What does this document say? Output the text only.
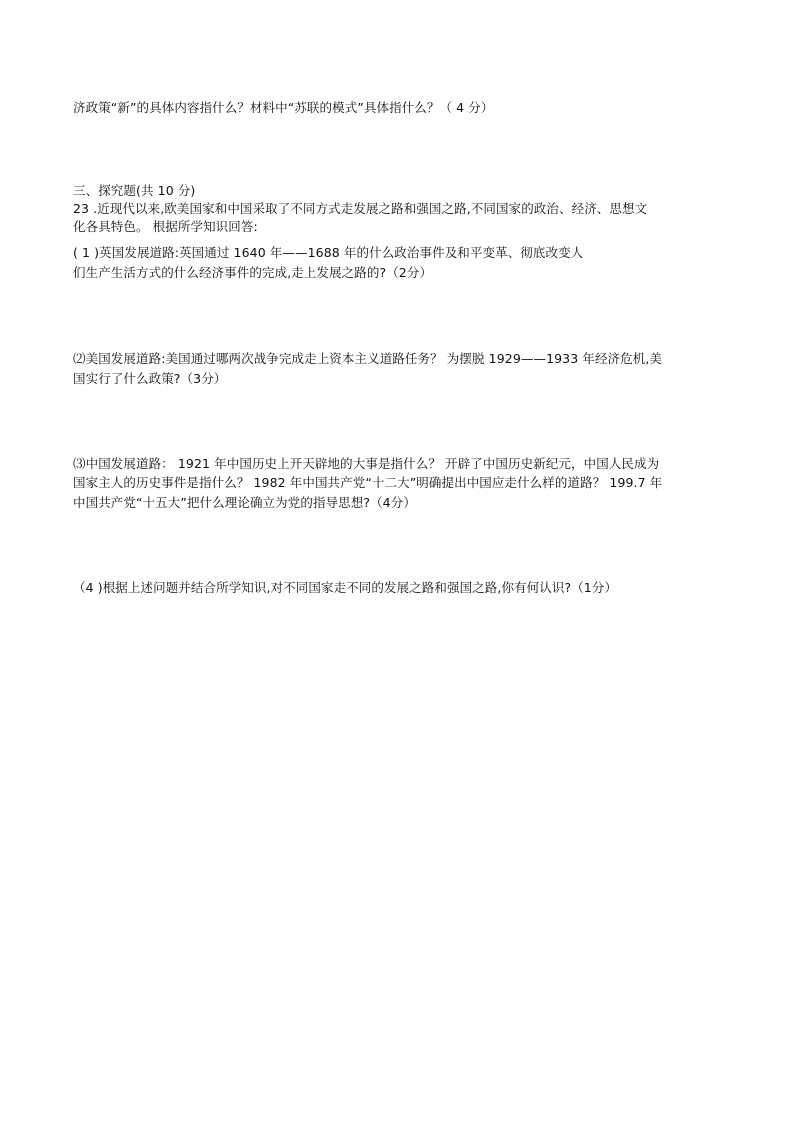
济政策“新”的具体内容指什么？材料中“苏联的模式”具体指什么？（ 4 分）
三、探究题(共 10 分)
23 .近现代以来,欧美国家和中国采取了不同方式走发展之路和强国之路,不同国家的政治、经济、思想文
化各具特色。 根据所学知识回答:
( 1 )英国发展道路:英国通过 1640 年——1688 年的什么政治事件及和平变革、彻底改变人
们生产生活方式的什么经济事件的完成,走上发展之路的?（2分）
⑵美国发展道路:美国通过哪两次战争完成走上资本主义道路任务？ 为摆脱 1929——1933 年经济危机,美
国实行了什么政策?（3分）
⑶中国发展道路： 1921 年中国历史上开天辟地的大事是指什么？ 开辟了中国历史新纪元，中国人民成为
国家主人的历史事件是指什么？ 1982 年中国共产党“十二大”明确提出中国应走什么样的道路？ 199.7 年
中国共产党“十五大”把什么理论确立为党的指导思想?（4分）
（4 )根据上述问题并结合所学知识,对不同国家走不同的发展之路和强国之路,你有何认识?（1分）
